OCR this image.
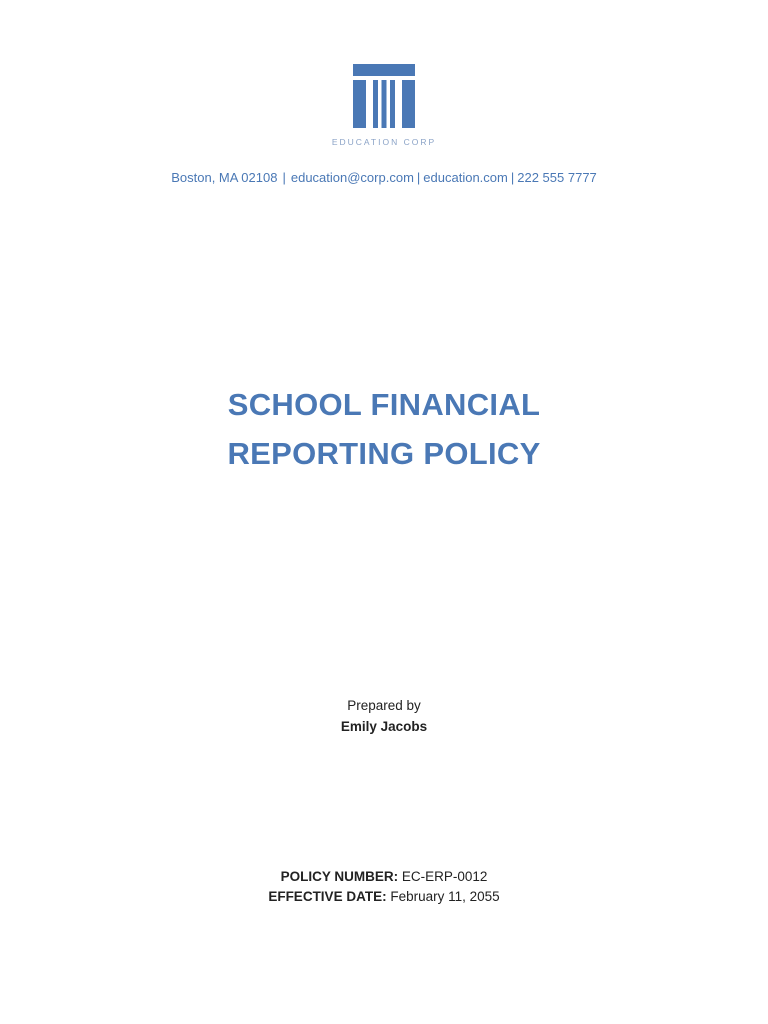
EDUCATION CORP
Boston, MA 02108 | education@corp.com | education.com | 222 555 7777
SCHOOL FINANCIAL
REPORTING POLICY
Prepared by
Emily Jacobs
POLICY NUMBER: EC-ERP-0012
EFFECTIVE DATE: February 11, 2055
